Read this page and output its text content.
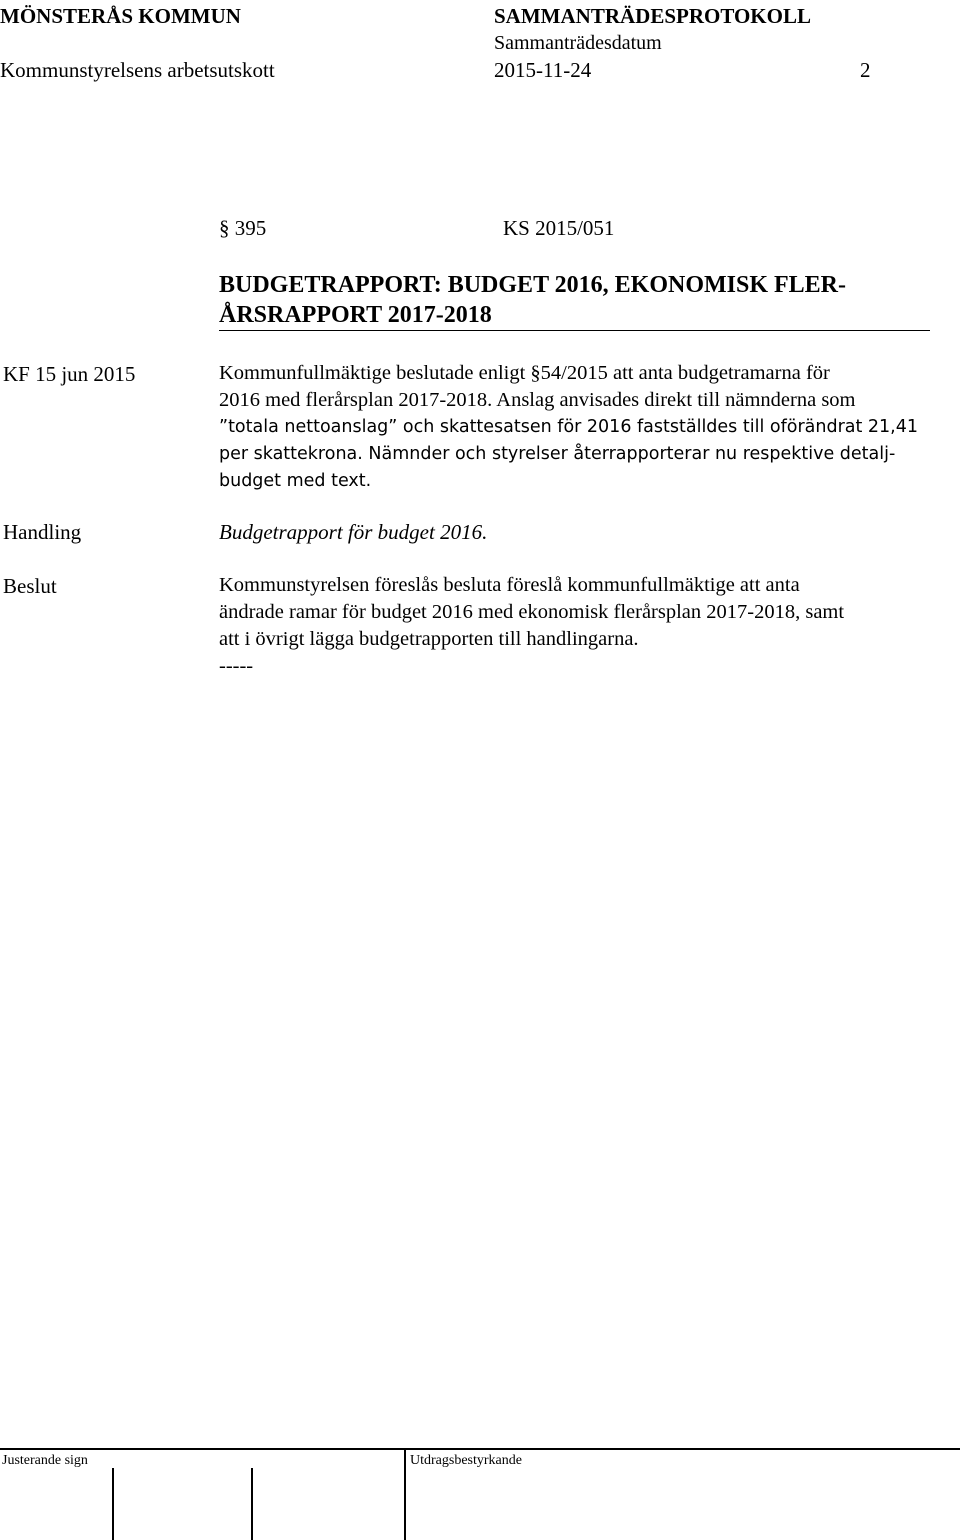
MÖNSTERÅS KOMMUN	SAMMANTRÄDESPROTOKOLL
Sammanträdesdatum
Kommunstyrelsens arbetsutskott	2015-11-24	2
§ 395	KS 2015/051
BUDGETRAPPORT: BUDGET 2016, EKONOMISK FLER-
ÅRSRAPPORT 2017-2018
KF 15 jun 2015	Kommunfullmäktige beslutade enligt §54/2015 att anta budgetramarna för
2016 med flerårsplan 2017-2018. Anslag anvisades direkt till nämnderna som
”totala nettoanslag” och skattesatsen för 2016 fastställdes till oförändrat 21,41
per skattekrona. Nämnder och styrelser återrapporterar nu respektive detalj-
budget med text.
Handling	Budgetrapport för budget 2016.
Beslut	Kommunstyrelsen föreslås besluta föreslå kommunfullmäktige att anta
ändrade ramar för budget 2016 med ekonomisk flerårsplan 2017-2018, samt
att i övrigt lägga budgetrapporten till handlingarna.
-----
Justerande sign	Utdragsbestyrkande
